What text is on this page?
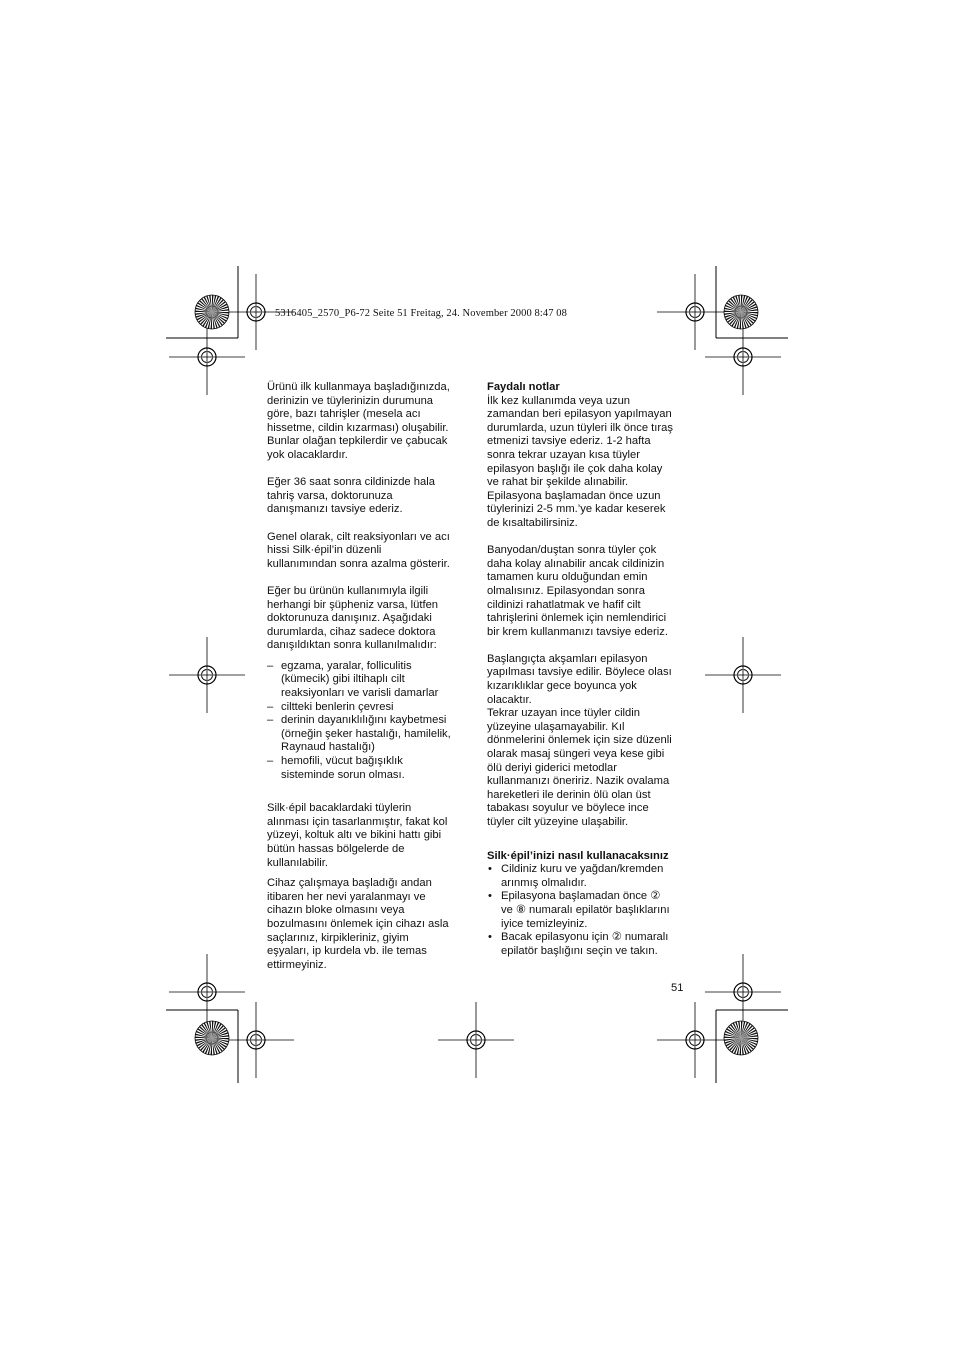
5316405_2570_P6-72 Seite 51 Freitag, 24. November 2000 8:47 08

Ürünü ilk kullanmaya başladığınızda,
derinizin ve tüylerinizin durumuna
göre, bazı tahrişler (mesela acı
hissetme, cildin kızarması) oluşabilir.
Bunlar olağan tepkilerdir ve çabucak
yok olacaklardır.

Eğer 36 saat sonra cildinizde hala
tahriş varsa, doktorunuza
danışmanızı tavsiye ederiz.

Genel olarak, cilt reaksiyonları ve acı
hissi Silk·épil’in düzenli
kullanımından sonra azalma gösterir.

Eğer bu ürünün kullanımıyla ilgili
herhangi bir şüpheniz varsa, lütfen
doktorunuza danışınız. Aşağıdaki
durumlarda, cihaz sadece doktora
danışıldıktan sonra kullanılmalıdır:

– egzama, yaralar, folliculitis
(kümecik) gibi iltihaplı cilt
reaksiyonları ve varisli damarlar
– ciltteki benlerin çevresi
– derinin dayanıklılığını kaybetmesi
(örneğin şeker hastalığı, hamilelik,
Raynaud hastalığı)
– hemofili, vücut bağışıklık
sisteminde sorun olması.

Silk·épil bacaklardaki tüylerin
alınması için tasarlanmıştır, fakat kol
yüzeyi, koltuk altı ve bikini hattı gibi
bütün hassas bölgelerde de
kullanılabilir.

Cihaz çalışmaya başladığı andan
itibaren her nevi yaralanmayı ve
cihazın bloke olmasını veya
bozulmasını önlemek için cihazı asla
saçlarınız, kirpikleriniz, giyim
eşyaları, ip kurdela vb. ile temas
ettirmeyiniz.

Faydalı notlar

İlk kez kullanımda veya uzun
zamandan beri epilasyon yapılmayan
durumlarda, uzun tüyleri ilk önce tıraş
etmenizi tavsiye ederiz. 1-2 hafta
sonra tekrar uzayan kısa tüyler
epilasyon başlığı ile çok daha kolay
ve rahat bir şekilde alınabilir.
Epilasyona başlamadan önce uzun
tüylerinizi 2-5 mm.’ye kadar keserek
de kısaltabilirsiniz.

Banyodan/duştan sonra tüyler çok
daha kolay alınabilir ancak cildinizin
tamamen kuru olduğundan emin
olmalısınız. Epilasyondan sonra
cildinizi rahatlatmak ve hafif cilt
tahrişlerini önlemek için nemlendirici
bir krem kullanmanızı tavsiye ederiz.

Başlangıçta akşamları epilasyon
yapılması tavsiye edilir. Böylece olası
kızarıklıklar gece boyunca yok
olacaktır.
Tekrar uzayan ince tüyler cildin
yüzeyine ulaşamayabilir. Kıl
dönmelerini önlemek için size düzenli
olarak masaj süngeri veya kese gibi
ölü deriyi giderici metodlar
kullanmanızı öneririz. Nazik ovalama
hareketleri ile derinin ölü olan üst
tabakası soyulur ve böylece ince
tüyler cilt yüzeyine ulaşabilir.

Silk·épil’inizi nasıl kullanacaksınız

• Cildiniz kuru ve yağdan/kremden
arınmış olmalıdır.
• Epilasyona başlamadan önce ②
ve ⑧ numaralı epilatör başlıklarını
iyice temizleyiniz.
• Bacak epilasyonu için ② numaralı
epilatör başlığını seçin ve takın.
51
